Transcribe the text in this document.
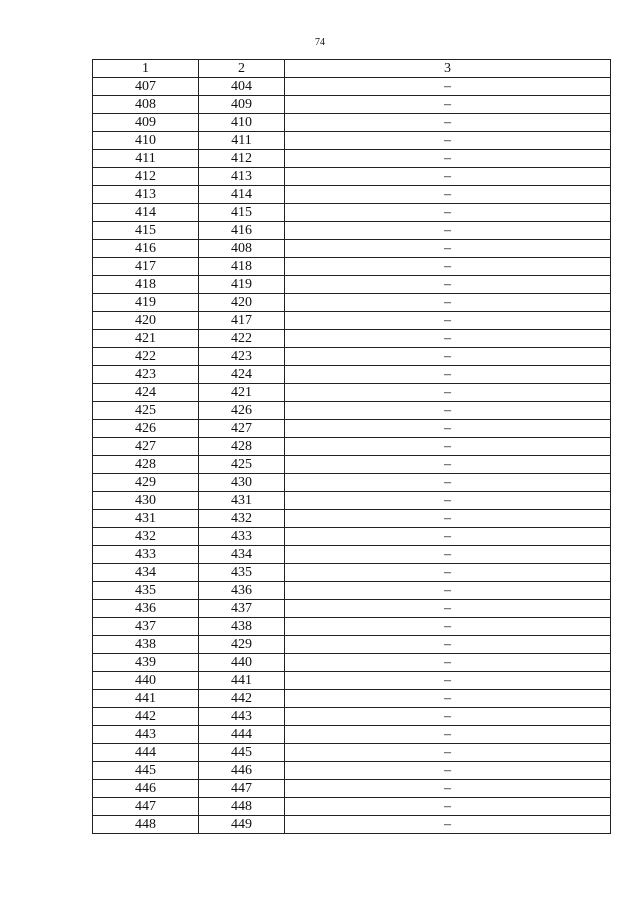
74
1	2	3
407	404	–
408	409	–
409	410	–
410	411	–
411	412	–
412	413	–
413	414	–
414	415	–
415	416	–
416	408	–
417	418	–
418	419	–
419	420	–
420	417	–
421	422	–
422	423	–
423	424	–
424	421	–
425	426	–
426	427	–
427	428	–
428	425	–
429	430	–
430	431	–
431	432	–
432	433	–
433	434	–
434	435	–
435	436	–
436	437	–
437	438	–
438	429	–
439	440	–
440	441	–
441	442	–
442	443	–
443	444	–
444	445	–
445	446	–
446	447	–
447	448	–
448	449	–
